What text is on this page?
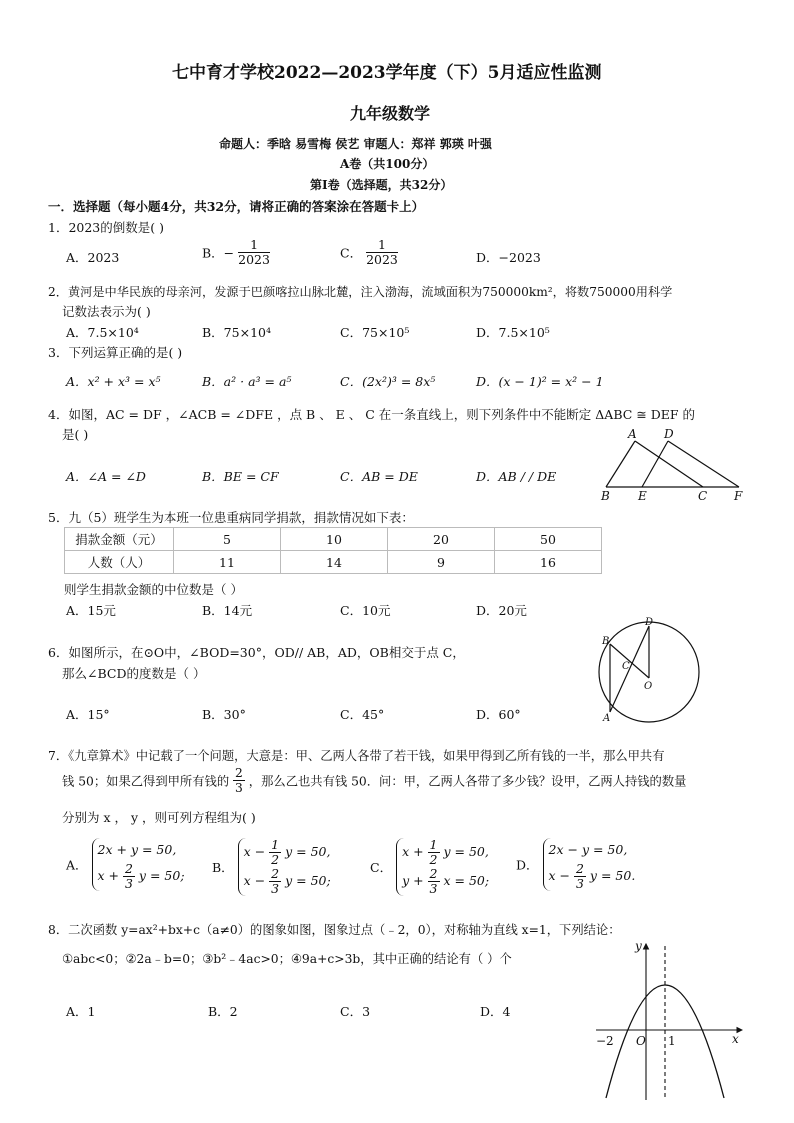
七中育才学校2022—2023学年度（下）5月适应性监测
九年级数学
命题人：季晗 易雪梅 侯艺 审题人：郑祥 郭瑛 叶强
A卷（共100分）
第Ⅰ卷（选择题，共32分）
一．选择题（每小题4分，共32分，请将正确的答案涂在答题卡上）
1．2023的倒数是( )
A．2023	B．− $\frac{1}{2023}$	C． $\frac{1}{2023}$	D．−2023
2．黄河是中华民族的母亲河，发源于巴颜喀拉山脉北麓，注入渤海，流域面积为750000km²，将数750000用科学
记数法表示为( )
A．7.5×10⁴	B．75×10⁴	C．75×10⁵	D．7.5×10⁵
3．下列运算正确的是( )
A．x² + x³ = x⁵	B．a² · a³ = a⁵	C．(2x²)³ = 8x⁵	D．(x − 1)² = x² − 1
4．如图，AC = DF ，∠ACB = ∠DFE ，点 B 、 E 、 C 在一条直线上，则下列条件中不能断定 ΔABC ≅ DEF 的
是( )
A．∠A = ∠D	B．BE = CF	C．AB = DE	D．AB / / DE
A D
B E	C F
5．九（5）班学生为本班一位患重病同学捐款，捐款情况如下表：
捐款金额（元）	5	10	20	50
人数（人）	11	14	9	16
则学生捐款金额的中位数是（ ）
A．15元	B．14元	C．10元	D．20元
6．如图所示，在⊙O中，∠BOD=30°，OD// AB，AD，OB相交于点 C，
那么∠BCD的度数是（ ）
A．15°	B．30°	C．45°	D．60°
B
D
C
O
A
7．《九章算术》中记载了一个问题，大意是：甲、乙两人各带了若干钱，如果甲得到乙所有钱的一半，那么甲共有
钱 50；如果乙得到甲所有钱的 $\frac{2}{3}$ ，那么乙也共有钱 50．问：甲，乙两人各带了多少钱？设甲，乙两人持钱的数量
分别为 x ， y ，则可列方程组为( )
A．
2x + y = 50,
$x + \frac{2}{3}$ y = 50;
B．
$x - \frac{1}{2}$ y = 50,
$x - \frac{2}{3}$ y = 50;
C．
$x + \frac{1}{2}$ y = 50,
$y + \frac{2}{3}$ x = 50;
D．
2x − y = 50,
$x - \frac{2}{3}$ y = 50.
8．二次函数 y=ax²+bx+c（a≠0）的图象如图，图象过点（﹣2，0），对称轴为直线 x=1，下列结论：
①abc<0；②2a﹣b=0；③b²﹣4ac>0；④9a+c>3b，其中正确的结论有（ ）个
A．1	B．2	C．3	D．4
y
x
O
−2	1
